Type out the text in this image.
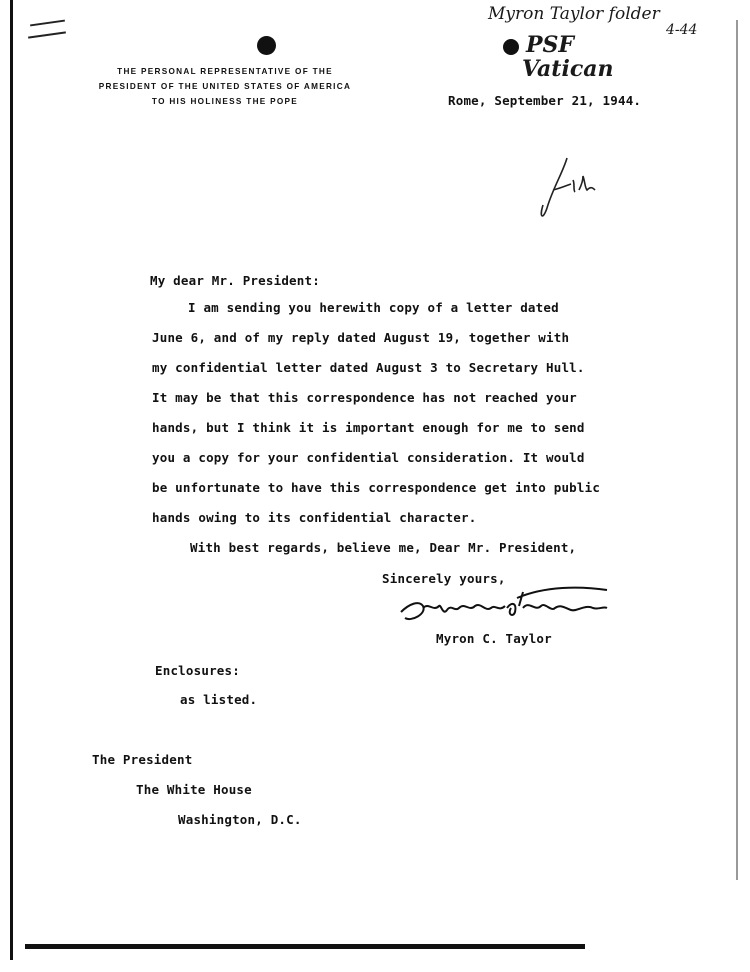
Myron Taylor folder
4-44
PSF
Vatican
THE PERSONAL REPRESENTATIVE OF THE
PRESIDENT OF THE UNITED STATES OF AMERICA
TO HIS HOLINESS THE POPE	Rome, September 21, 1944.
My dear Mr. President:
I am sending you herewith copy of a letter dated
June 6, and of my reply dated August 19, together with
my confidential letter dated August 3 to Secretary Hull.
It may be that this correspondence has not reached your
hands, but I think it is important enough for me to send
you a copy for your confidential consideration. It would
be unfortunate to have this correspondence get into public
hands owing to its confidential character.
With best regards, believe me, Dear Mr. President,
Sincerely yours,
Myron C. Taylor
Enclosures:
as listed.
The President
The White House
Washington, D.C.
